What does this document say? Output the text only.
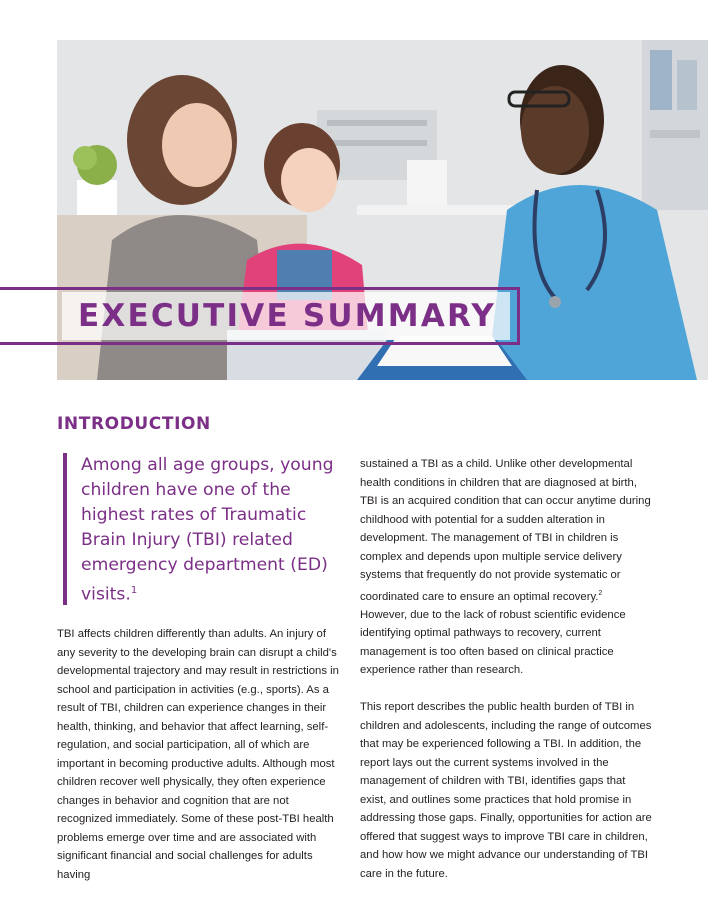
EXECUTIVE SUMMARY
INTRODUCTION
Among all age groups, young children have one of the highest rates of Traumatic Brain Injury (TBI) related emergency department (ED) visits.$^1$

TBI affects children differently than adults. An injury of any severity to the developing brain can disrupt a child's developmental trajectory and may result in restrictions in school and participation in activities (e.g., sports). As a result of TBI, children can experience changes in their health, thinking, and behavior that affect learning, self-regulation, and social participation, all of which are important in becoming productive adults. Although most children recover well physically, they often experience changes in behavior and cognition that are not recognized immediately. Some of these post-TBI health problems emerge over time and are associated with significant financial and social challenges for adults having

sustained a TBI as a child. Unlike other developmental health conditions in children that are diagnosed at birth, TBI is an acquired condition that can occur anytime during childhood with potential for a sudden alteration in development. The management of TBI in children is complex and depends upon multiple service delivery systems that frequently do not provide systematic or coordinated care to ensure an optimal recovery.$^2$ However, due to the lack of robust scientific evidence identifying optimal pathways to recovery, current management is too often based on clinical practice experience rather than research.

This report describes the public health burden of TBI in children and adolescents, including the range of outcomes that may be experienced following a TBI. In addition, the report lays out the current systems involved in the management of children with TBI, identifies gaps that exist, and outlines some practices that hold promise in addressing those gaps. Finally, opportunities for action are offered that suggest ways to improve TBI care in children, and how how we might advance our understanding of TBI care in the future.
